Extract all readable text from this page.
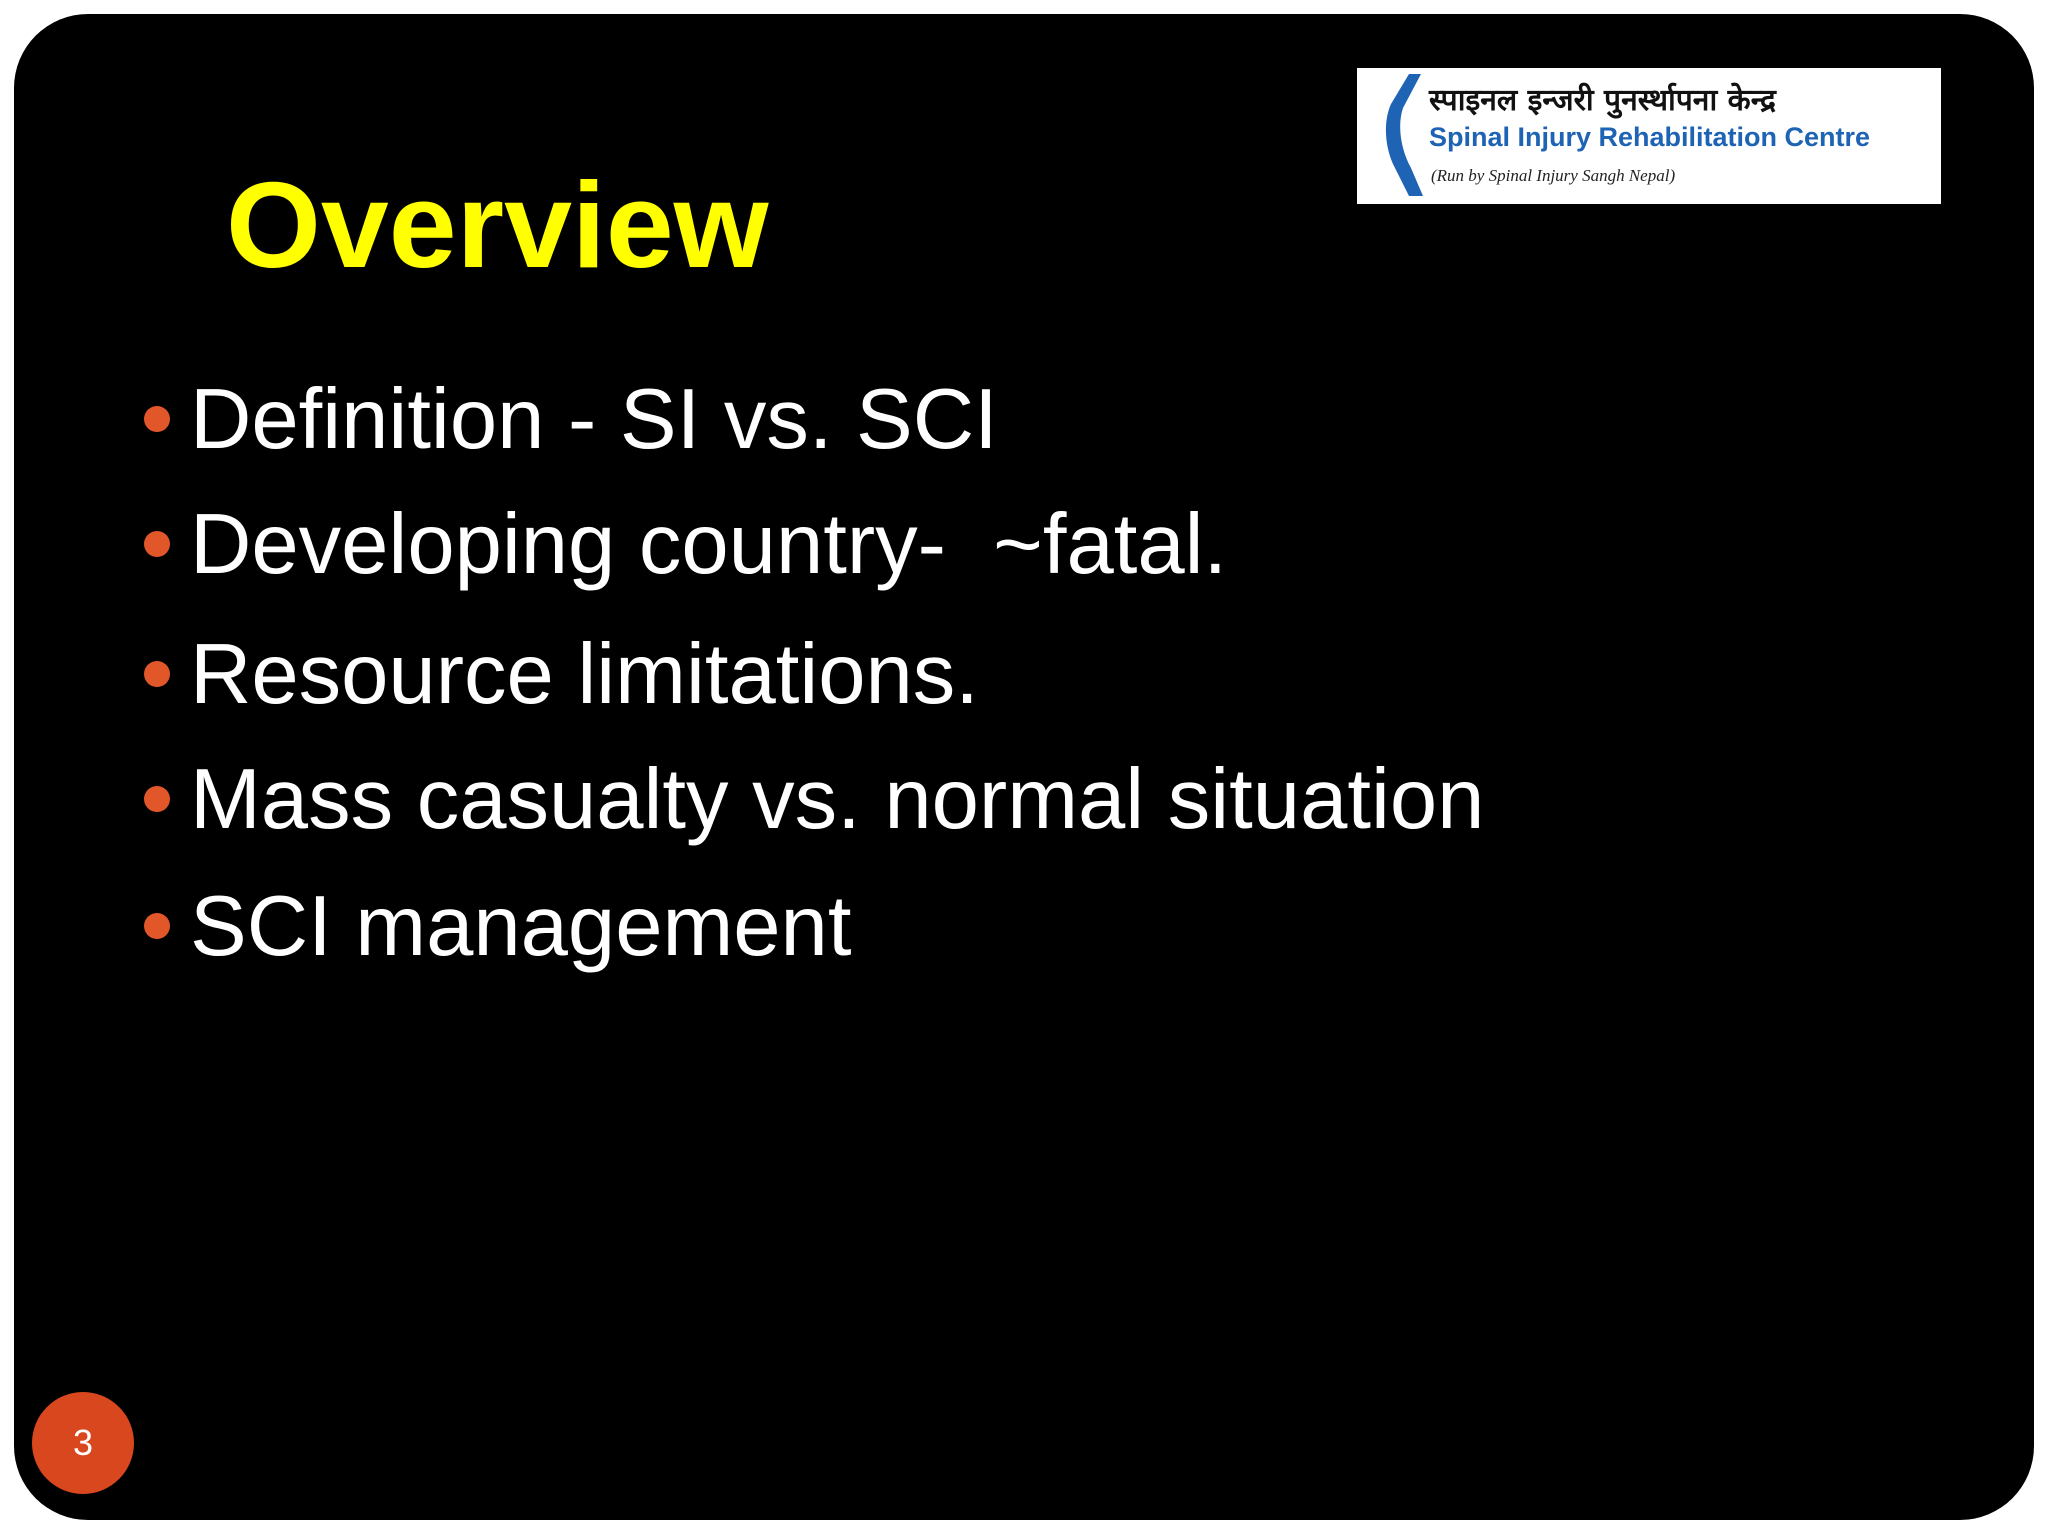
Overview
स्पाइनल इन्जरी पुनर्स्थापना केन्द्र
Spinal Injury Rehabilitation Centre
(Run by Spinal Injury Sangh Nepal)
Definition - SI vs. SCI
Developing country-  ~fatal.
Resource limitations.
Mass casualty vs. normal situation
SCI management
3
